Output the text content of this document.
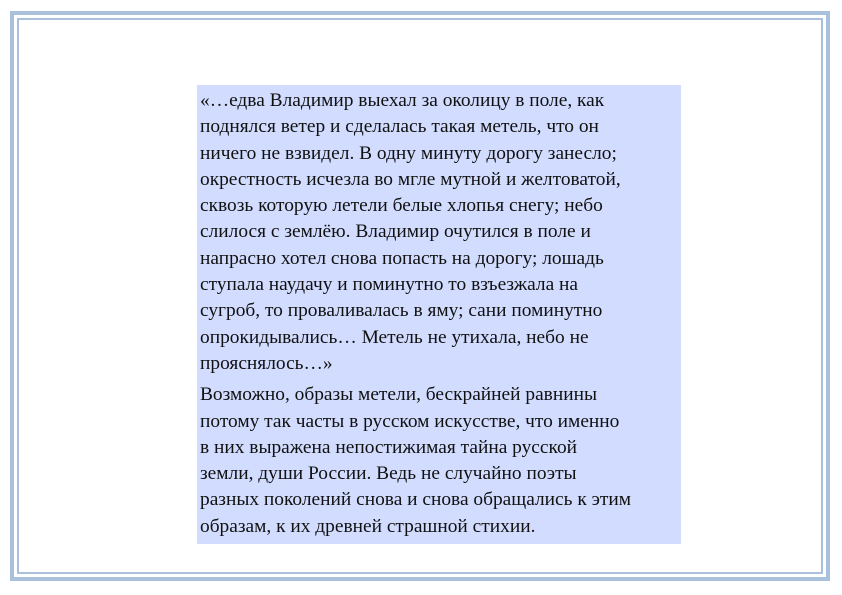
«…едва Владимир выехал за околицу в поле, как
поднялся ветер и сделалась такая метель, что он
ничего не взвидел. В одну минуту дорогу занесло;
окрестность исчезла во мгле мутной и желтоватой,
сквозь которую летели белые хлопья снегу; небо
слилося с землёю. Владимир очутился в поле и
напрасно хотел снова попасть на дорогу; лошадь
ступала наудачу и поминутно то взъезжала на
сугроб, то проваливалась в яму; сани поминутно
опрокидывались… Метель не утихала, небо не
прояснялось…»
Возможно, образы метели, бескрайней равнины
потому так часты в русском искусстве, что именно
в них выражена непостижимая тайна русской
земли, души России. Ведь не случайно поэты
разных поколений снова и снова обращались к этим
образам, к их древней страшной стихии.
